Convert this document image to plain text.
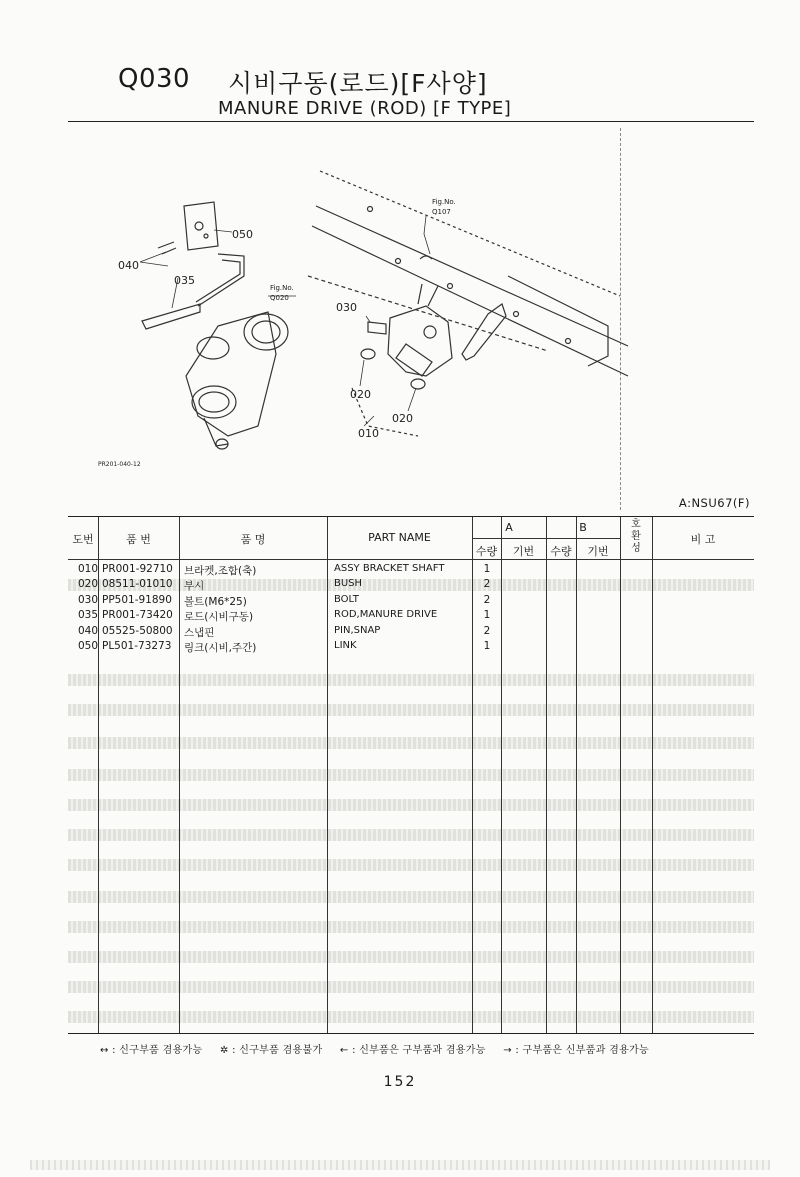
Q030 시비구동(로드)[F사양]
MANURE DRIVE (ROD) [F TYPE]
050
040
035
Fig.No.
Q020
Fig.No.
Q107
030
020
020
010
PR201-040-12
A:NSU67(F)
도번	품 번	품 명	PART NAME
A	B
수량	기번	수량	기번
호환성
비 고
010 PR001-92710 브라켓,조합(축)	ASSY BRACKET SHAFT	1
020 08511-01010 부시	BUSH	2
030 PP501-91890 볼트(M6*25)	BOLT	2
035 PR001-73420 로드(시비구동)	ROD,MANURE DRIVE	1
040 05525-50800 스냅핀	PIN,SNAP	2
050 PL501-73273 링크(시비,주간)	LINK	1
↔ : 신구부품 겸용가능 ✲ : 신구부품 겸용불가 ← : 신부품은 구부품과 겸용가능 → : 구부품은 신부품과 겸용가능
152
